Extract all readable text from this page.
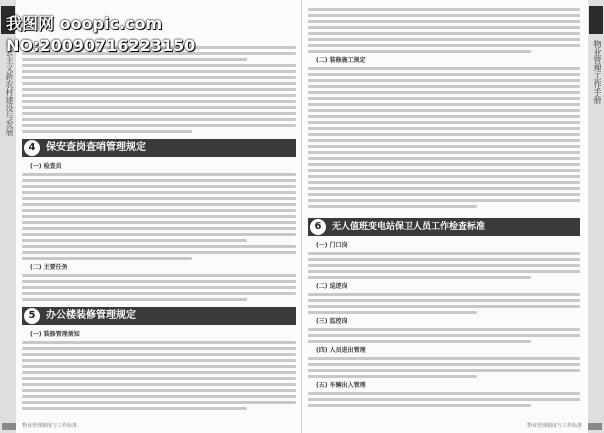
我图网 ooopic.com
NO:20090716223150
社会主义新农村建设与发展
4	保安查岗查哨管理规定
(一) 检查员
(二) 主要任务
5	办公楼装修管理规定
(一) 装修管理须知
物业管理制度与工作标准
物业管理工作手册
(二) 装修施工规定
6	无人值班变电站保卫人员工作检查标准
(一) 门口岗
(二) 巡逻岗
(三) 监控岗
(四) 人员进出管理
(五) 车辆出入管理
物业管理制度与工作标准
